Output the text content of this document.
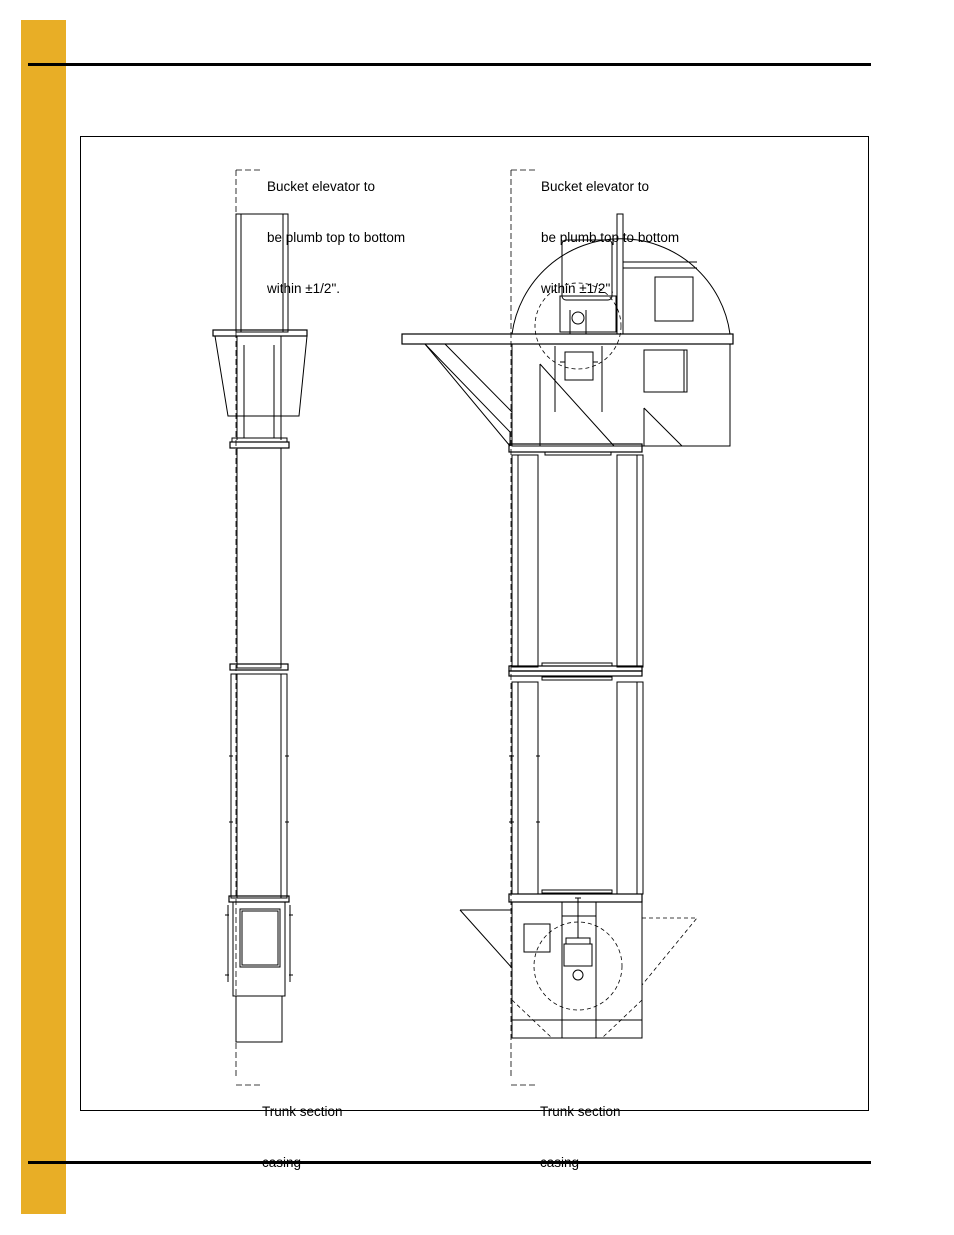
Bucket elevator to

be plumb top to bottom

within ±1/2".

Trunk section

casing

Bucket elevator to

be plumb top to bottom

within ±1/2".

Trunk section

casing
